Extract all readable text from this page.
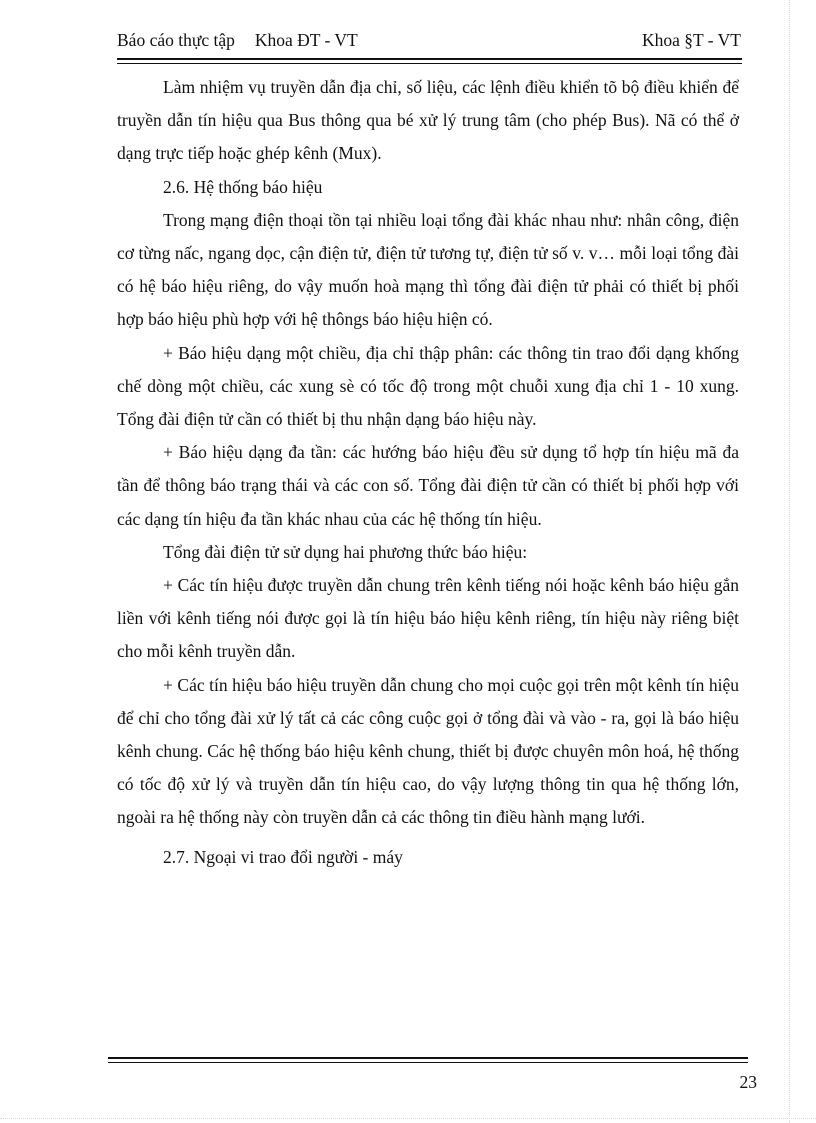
Báo cáo thực tập Khoa ĐT - VT	Khoa §T - VT

Làm nhiệm vụ truyền dẫn địa chỉ, số liệu, các lệnh điều khiển tõ bộ điều khiển để truyền dẫn tín hiệu qua Bus thông qua bé xử lý trung tâm (cho phép Bus). Nã có thể ở dạng trực tiếp hoặc ghép kênh (Mux).

2.6. Hệ thống báo hiệu

Trong mạng điện thoại tồn tại nhiều loại tổng đài khác nhau như: nhân công, điện cơ từng nấc, ngang dọc, cận điện tử, điện tử tương tự, điện tử số v. v… mỗi loại tổng đài có hệ báo hiệu riêng, do vậy muốn hoà mạng thì tổng đài điện tử phải có thiết bị phối hợp báo hiệu phù hợp với hệ thôngs báo hiệu hiện có.

+ Báo hiệu dạng một chiều, địa chỉ thập phân: các thông tin trao đổi dạng khống chế dòng một chiều, các xung sè có tốc độ trong một chuỗi xung địa chỉ 1 - 10 xung. Tổng đài điện tử cần có thiết bị thu nhận dạng báo hiệu này.

+ Báo hiệu dạng đa tần: các hướng báo hiệu đều sử dụng tổ hợp tín hiệu mã đa tần để thông báo trạng thái và các con số. Tổng đài điện tử cần có thiết bị phối hợp với các dạng tín hiệu đa tần khác nhau của các hệ thống tín hiệu.

Tổng đài điện tử sử dụng hai phương thức báo hiệu:

+ Các tín hiệu được truyền dẫn chung trên kênh tiếng nói hoặc kênh báo hiệu gắn liền với kênh tiếng nói được gọi là tín hiệu báo hiệu kênh riêng, tín hiệu này riêng biệt cho mỗi kênh truyền dẫn.

+ Các tín hiệu báo hiệu truyền dẫn chung cho mọi cuộc gọi trên một kênh tín hiệu để chỉ cho tổng đài xử lý tất cả các công cuộc gọi ở tổng đài và vào - ra, gọi là báo hiệu kênh chung. Các hệ thống báo hiệu kênh chung, thiết bị được chuyên môn hoá, hệ thống có tốc độ xử lý và truyền dẫn tín hiệu cao, do vậy lượng thông tin qua hệ thống lớn, ngoài ra hệ thống này còn truyền dẫn cả các thông tin điều hành mạng lưới.

2.7. Ngoại vi trao đổi người - máy

23
